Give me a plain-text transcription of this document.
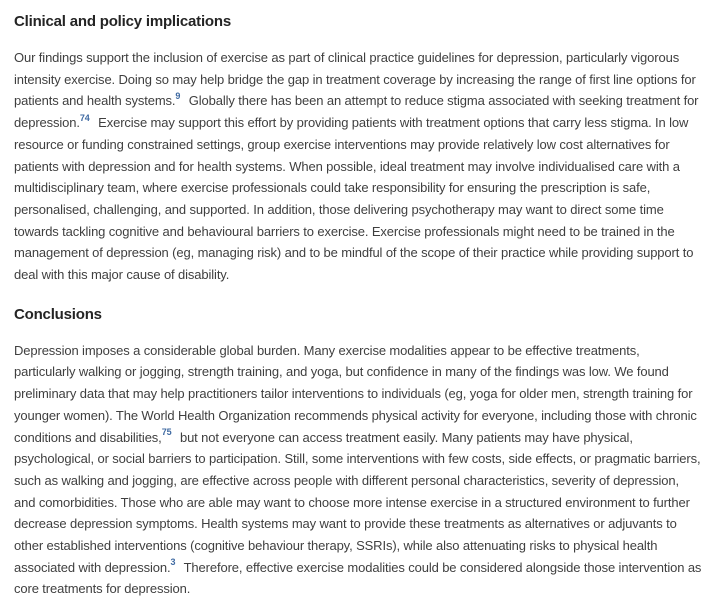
Clinical and policy implications

Our findings support the inclusion of exercise as part of clinical practice guidelines for depression, particularly vigorous intensity exercise. Doing so may help bridge the gap in treatment coverage by increasing the range of first line options for patients and health systems.$^9$ Globally there has been an attempt to reduce stigma associated with seeking treatment for depression.$^{74}$ Exercise may support this effort by providing patients with treatment options that carry less stigma. In low resource or funding constrained settings, group exercise interventions may provide relatively low cost alternatives for patients with depression and for health systems. When possible, ideal treatment may involve individualised care with a multidisciplinary team, where exercise professionals could take responsibility for ensuring the prescription is safe, personalised, challenging, and supported. In addition, those delivering psychotherapy may want to direct some time towards tackling cognitive and behavioural barriers to exercise. Exercise professionals might need to be trained in the management of depression (eg, managing risk) and to be mindful of the scope of their practice while providing support to deal with this major cause of disability.

Conclusions

Depression imposes a considerable global burden. Many exercise modalities appear to be effective treatments, particularly walking or jogging, strength training, and yoga, but confidence in many of the findings was low. We found preliminary data that may help practitioners tailor interventions to individuals (eg, yoga for older men, strength training for younger women). The World Health Organization recommends physical activity for everyone, including those with chronic conditions and disabilities,$^{75}$ but not everyone can access treatment easily. Many patients may have physical, psychological, or social barriers to participation. Still, some interventions with few costs, side effects, or pragmatic barriers, such as walking and jogging, are effective across people with different personal characteristics, severity of depression, and comorbidities. Those who are able may want to choose more intense exercise in a structured environment to further decrease depression symptoms. Health systems may want to provide these treatments as alternatives or adjuvants to other established interventions (cognitive behaviour therapy, SSRIs), while also attenuating risks to physical health associated with depression.$^3$ Therefore, effective exercise modalities could be considered alongside those intervention as core treatments for depression.
